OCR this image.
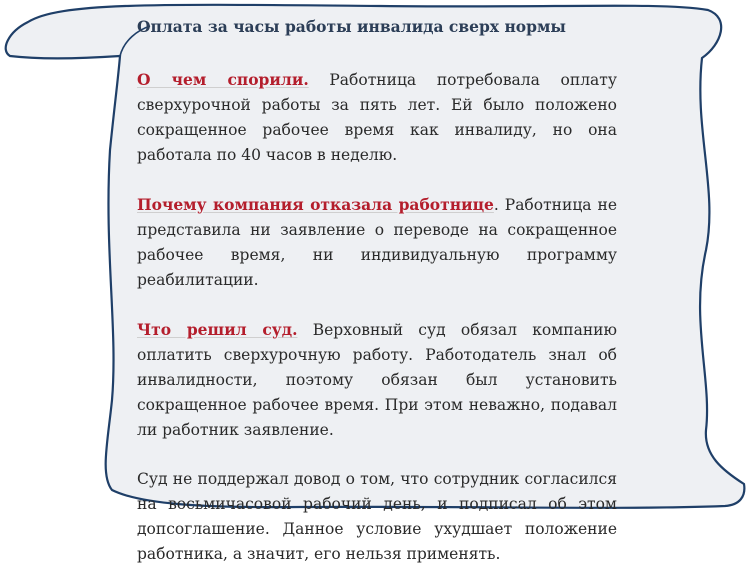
Оплата за часы работы инвалида сверх нормы

О чем спорили. Работница потребовала оплату сверхурочной работы за пять лет. Ей было положено сокращенное рабочее время как инвалиду, но она работала по 40 часов в неделю.

Почему компания отказала работнице. Работница не представила ни заявление о переводе на сокращенное рабочее время, ни индивидуальную программу реабилитации.

Что решил суд. Верховный суд обязал компанию оплатить сверхурочную работу. Работодатель знал об инвалидности, поэтому обязан был установить сокращенное рабочее время. При этом неважно, подавал ли работник заявление.

Суд не поддержал довод о том, что сотрудник согласился на восьмичасовой рабочий день, и подписал об этом допсоглашение. Данное условие ухудшает положение работника, а значит, его нельзя применять.
